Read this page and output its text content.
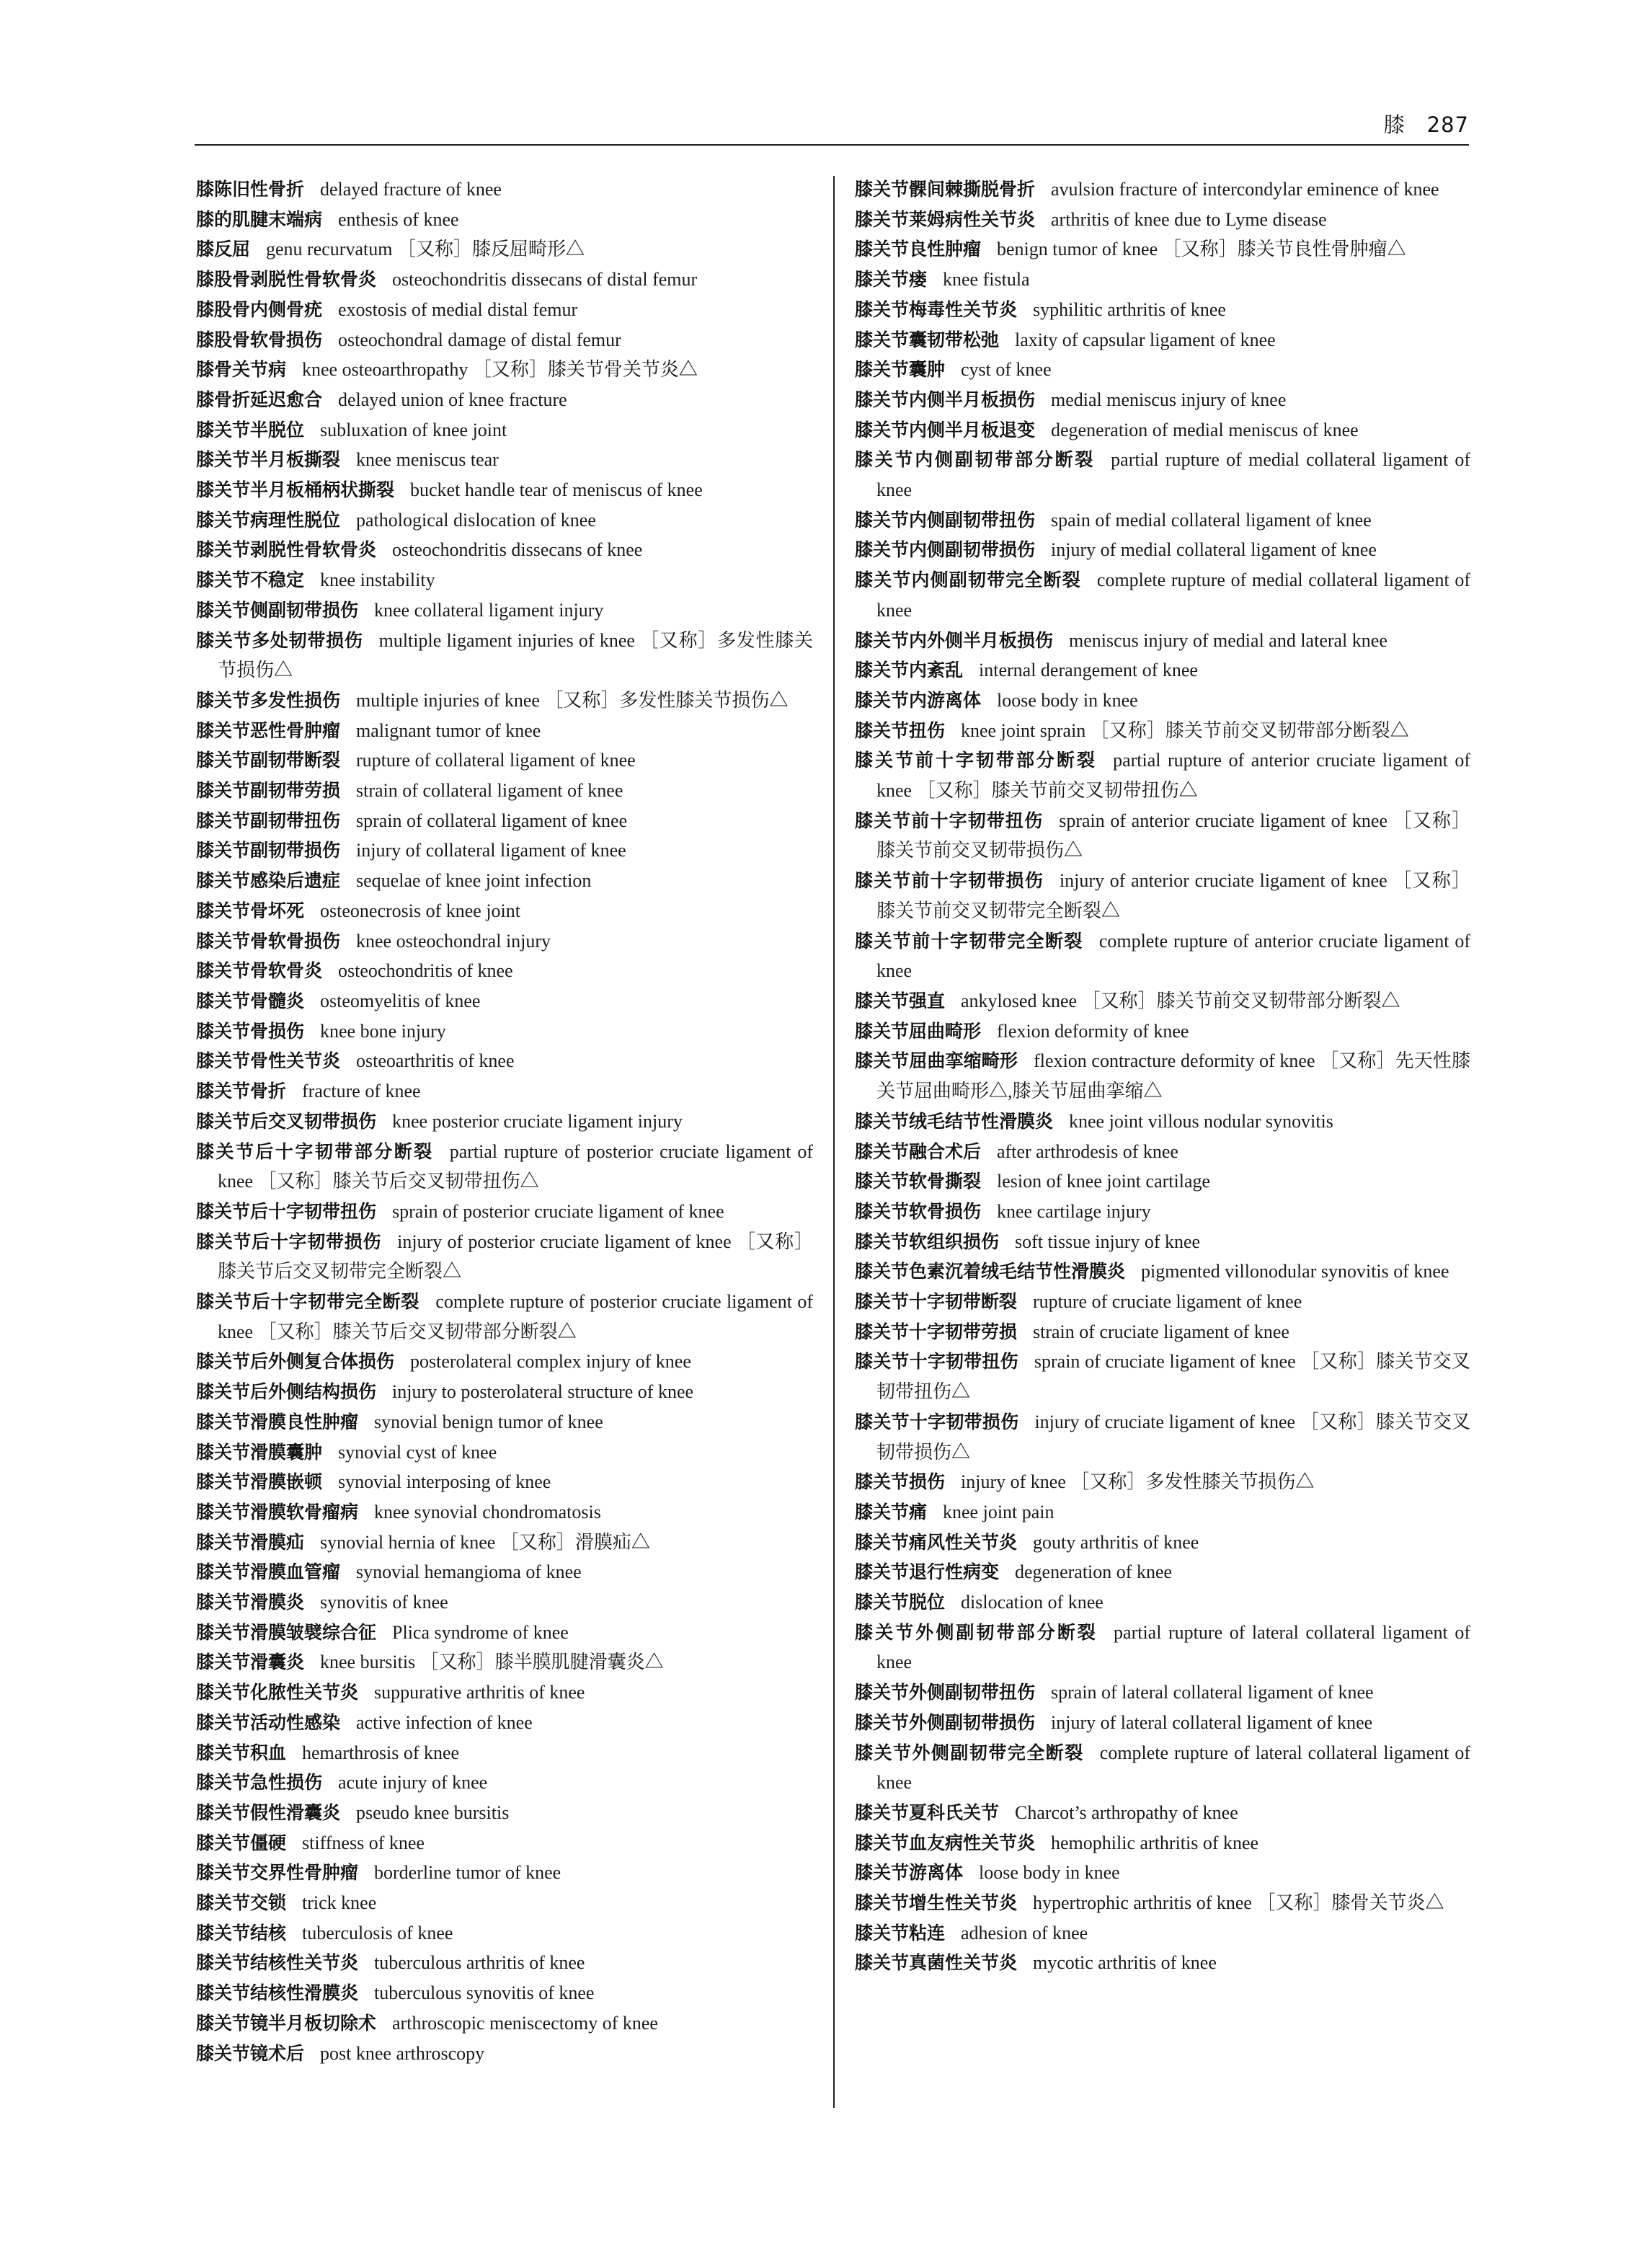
膝　287
膝陈旧性骨折 delayed fracture of knee
膝的肌腱末端病 enthesis of knee
膝反屈 genu recurvatum ［又称］膝反屈畸形△
膝股骨剥脱性骨软骨炎 osteochondritis dissecans of distal femur
膝股骨内侧骨疣 exostosis of medial distal femur
膝股骨软骨损伤 osteochondral damage of distal femur
膝骨关节病 knee osteoarthropathy ［又称］膝关节骨关节炎△
膝骨折延迟愈合 delayed union of knee fracture
膝关节半脱位 subluxation of knee joint
膝关节半月板撕裂 knee meniscus tear
膝关节半月板桶柄状撕裂 bucket handle tear of meniscus of knee
膝关节病理性脱位 pathological dislocation of knee
膝关节剥脱性骨软骨炎 osteochondritis dissecans of knee
膝关节不稳定 knee instability
膝关节侧副韧带损伤 knee collateral ligament injury
膝关节多处韧带损伤 multiple ligament injuries of knee ［又称］多发性膝关节损伤△
膝关节多发性损伤 multiple injuries of knee ［又称］多发性膝关节损伤△
膝关节恶性骨肿瘤 malignant tumor of knee
膝关节副韧带断裂 rupture of collateral ligament of knee
膝关节副韧带劳损 strain of collateral ligament of knee
膝关节副韧带扭伤 sprain of collateral ligament of knee
膝关节副韧带损伤 injury of collateral ligament of knee
膝关节感染后遗症 sequelae of knee joint infection
膝关节骨坏死 osteonecrosis of knee joint
膝关节骨软骨损伤 knee osteochondral injury
膝关节骨软骨炎 osteochondritis of knee
膝关节骨髓炎 osteomyelitis of knee
膝关节骨损伤 knee bone injury
膝关节骨性关节炎 osteoarthritis of knee
膝关节骨折 fracture of knee
膝关节后交叉韧带损伤 knee posterior cruciate ligament injury
膝关节后十字韧带部分断裂 partial rupture of posterior cruciate ligament of knee ［又称］膝关节后交叉韧带扭伤△
膝关节后十字韧带扭伤 sprain of posterior cruciate ligament of knee
膝关节后十字韧带损伤 injury of posterior cruciate ligament of knee ［又称］膝关节后交叉韧带完全断裂△
膝关节后十字韧带完全断裂 complete rupture of posterior cruciate ligament of knee ［又称］膝关节后交叉韧带部分断裂△
膝关节后外侧复合体损伤 posterolateral complex injury of knee
膝关节后外侧结构损伤 injury to posterolateral structure of knee
膝关节滑膜良性肿瘤 synovial benign tumor of knee
膝关节滑膜囊肿 synovial cyst of knee
膝关节滑膜嵌顿 synovial interposing of knee
膝关节滑膜软骨瘤病 knee synovial chondromatosis
膝关节滑膜疝 synovial hernia of knee ［又称］滑膜疝△
膝关节滑膜血管瘤 synovial hemangioma of knee
膝关节滑膜炎 synovitis of knee
膝关节滑膜皱襞综合征 Plica syndrome of knee
膝关节滑囊炎 knee bursitis ［又称］膝半膜肌腱滑囊炎△
膝关节化脓性关节炎 suppurative arthritis of knee
膝关节活动性感染 active infection of knee
膝关节积血 hemarthrosis of knee
膝关节急性损伤 acute injury of knee
膝关节假性滑囊炎 pseudo knee bursitis
膝关节僵硬 stiffness of knee
膝关节交界性骨肿瘤 borderline tumor of knee
膝关节交锁 trick knee
膝关节结核 tuberculosis of knee
膝关节结核性关节炎 tuberculous arthritis of knee
膝关节结核性滑膜炎 tuberculous synovitis of knee
膝关节镜半月板切除术 arthroscopic meniscectomy of knee
膝关节镜术后 post knee arthroscopy
膝关节髁间棘撕脱骨折 avulsion fracture of intercondylar eminence of knee
膝关节莱姆病性关节炎 arthritis of knee due to Lyme disease
膝关节良性肿瘤 benign tumor of knee ［又称］膝关节良性骨肿瘤△
膝关节瘘 knee fistula
膝关节梅毒性关节炎 syphilitic arthritis of knee
膝关节囊韧带松弛 laxity of capsular ligament of knee
膝关节囊肿 cyst of knee
膝关节内侧半月板损伤 medial meniscus injury of knee
膝关节内侧半月板退变 degeneration of medial meniscus of knee
膝关节内侧副韧带部分断裂 partial rupture of medial collateral ligament of knee
膝关节内侧副韧带扭伤 spain of medial collateral ligament of knee
膝关节内侧副韧带损伤 injury of medial collateral ligament of knee
膝关节内侧副韧带完全断裂 complete rupture of medial collateral ligament of knee
膝关节内外侧半月板损伤 meniscus injury of medial and lateral knee
膝关节内紊乱 internal derangement of knee
膝关节内游离体 loose body in knee
膝关节扭伤 knee joint sprain ［又称］膝关节前交叉韧带部分断裂△
膝关节前十字韧带部分断裂 partial rupture of anterior cruciate ligament of knee ［又称］膝关节前交叉韧带扭伤△
膝关节前十字韧带扭伤 sprain of anterior cruciate ligament of knee ［又称］膝关节前交叉韧带损伤△
膝关节前十字韧带损伤 injury of anterior cruciate ligament of knee ［又称］膝关节前交叉韧带完全断裂△
膝关节前十字韧带完全断裂 complete rupture of anterior cruciate ligament of knee
膝关节强直 ankylosed knee ［又称］膝关节前交叉韧带部分断裂△
膝关节屈曲畸形 flexion deformity of knee
膝关节屈曲挛缩畸形 flexion contracture deformity of knee ［又称］先天性膝关节屈曲畸形△,膝关节屈曲挛缩△
膝关节绒毛结节性滑膜炎 knee joint villous nodular synovitis
膝关节融合术后 after arthrodesis of knee
膝关节软骨撕裂 lesion of knee joint cartilage
膝关节软骨损伤 knee cartilage injury
膝关节软组织损伤 soft tissue injury of knee
膝关节色素沉着绒毛结节性滑膜炎 pigmented villonodular synovitis of knee
膝关节十字韧带断裂 rupture of cruciate ligament of knee
膝关节十字韧带劳损 strain of cruciate ligament of knee
膝关节十字韧带扭伤 sprain of cruciate ligament of knee ［又称］膝关节交叉韧带扭伤△
膝关节十字韧带损伤 injury of cruciate ligament of knee ［又称］膝关节交叉韧带损伤△
膝关节损伤 injury of knee ［又称］多发性膝关节损伤△
膝关节痛 knee joint pain
膝关节痛风性关节炎 gouty arthritis of knee
膝关节退行性病变 degeneration of knee
膝关节脱位 dislocation of knee
膝关节外侧副韧带部分断裂 partial rupture of lateral collateral ligament of knee
膝关节外侧副韧带扭伤 sprain of lateral collateral ligament of knee
膝关节外侧副韧带损伤 injury of lateral collateral ligament of knee
膝关节外侧副韧带完全断裂 complete rupture of lateral collateral ligament of knee
膝关节夏科氏关节 Charcot’s arthropathy of knee
膝关节血友病性关节炎 hemophilic arthritis of knee
膝关节游离体 loose body in knee
膝关节增生性关节炎 hypertrophic arthritis of knee ［又称］膝骨关节炎△
膝关节粘连 adhesion of knee
膝关节真菌性关节炎 mycotic arthritis of knee
